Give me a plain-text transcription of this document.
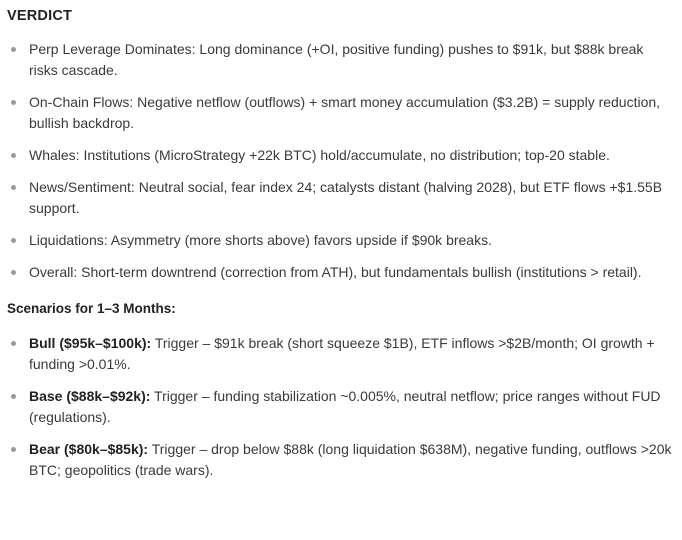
VERDICT
Perp Leverage Dominates: Long dominance (+OI, positive funding) pushes to $91k, but $88k break risks cascade.
On-Chain Flows: Negative netflow (outflows) + smart money accumulation ($3.2B) = supply reduction, bullish backdrop.
Whales: Institutions (MicroStrategy +22k BTC) hold/accumulate, no distribution; top-20 stable.
News/Sentiment: Neutral social, fear index 24; catalysts distant (halving 2028), but ETF flows +$1.55B support.
Liquidations: Asymmetry (more shorts above) favors upside if $90k breaks.
Overall: Short-term downtrend (correction from ATH), but fundamentals bullish (institutions > retail).
Scenarios for 1–3 Months:
Bull ($95k–$100k): Trigger – $91k break (short squeeze $1B), ETF inflows >$2B/month; OI growth + funding >0.01%.
Base ($88k–$92k): Trigger – funding stabilization ~0.005%, neutral netflow; price ranges without FUD (regulations).
Bear ($80k–$85k): Trigger – drop below $88k (long liquidation $638M), negative funding, outflows >20k BTC; geopolitics (trade wars).
